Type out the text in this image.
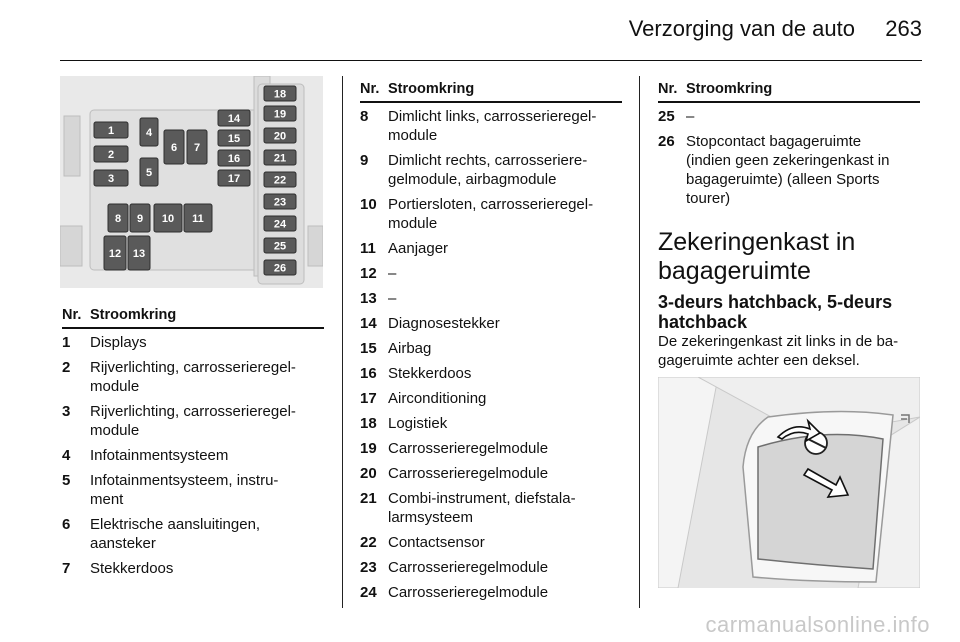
Verzorging van de auto 263
1
2
3
4
5
6 7
8 9 10 11
12 13
14
15
16
17
18
19
20
21
22
23
24
25
26
Nr. Stroomkring
1 Displays
2 Rijverlichting, carrosserieregel-
module
3 Rijverlichting, carrosserieregel-
module
4 Infotainmentsysteem
5 Infotainmentsysteem, instru-
ment
6 Elektrische aansluitingen,
aansteker
7 Stekkerdoos
Nr. Stroomkring
8 Dimlicht links, carrosserieregel-
module
9 Dimlicht rechts, carrosseriere-
gelmodule, airbagmodule
10 Portiersloten, carrosserieregel-
module
11 Aanjager
12 –
13 –
14 Diagnosestekker
15 Airbag
16 Stekkerdoos
17 Airconditioning
18 Logistiek
19 Carrosserieregelmodule
20 Carrosserieregelmodule
21 Combi-instrument, diefstala-
larmsysteem
22 Contactsensor
23 Carrosserieregelmodule
24 Carrosserieregelmodule
Nr. Stroomkring
25 –
26 Stopcontact bagageruimte
(indien geen zekeringenkast in
bagageruimte) (alleen Sports
tourer)
Zekeringenkast in
bagageruimte
3-deurs hatchback, 5-deurs
hatchback
De zekeringenkast zit links in de ba-
gageruimte achter een deksel.
carmanualsonline.info
